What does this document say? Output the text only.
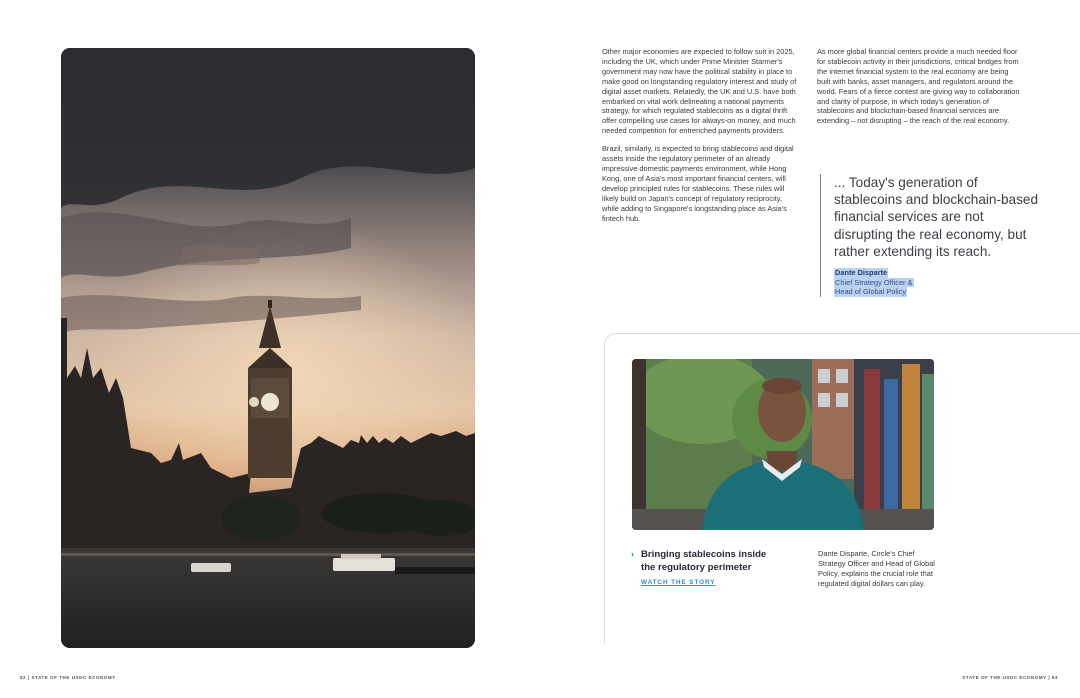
Other major economies are expected to follow suit in 2025, including the UK, which under Prime Minister Starmer's government may now have the political stability in place to make good on longstanding regulatory interest and study of digital asset markets. Relatedly, the UK and U.S. have both embarked on vital work delineating a national payments strategy, for which regulated stablecoins as a digital thrift offer compelling use cases for always-on money, and much needed competition for entrenched payments providers.

Brazil, similarly, is expected to bring stablecoins and digital assets inside the regulatory perimeter of an already impressive domestic payments environment, while Hong Kong, one of Asia's most important financial centers, will develop principled rules for stablecoins. These rules will likely build on Japan's concept of regulatory reciprocity, while adding to Singapore's longstanding place as Asia's fintech hub.

As more global financial centers provide a much needed floor for stablecoin activity in their jurisdictions, critical bridges from the internet financial system to the real economy are being built with banks, asset managers, and regulators around the world. Fears of a fierce contest are giving way to collaboration and clarity of purpose, in which today's generation of stablecoins and blockchain-based financial services are extending – not disrupting – the reach of the real economy.

... Today's generation of stablecoins and blockchain-based financial services are not disrupting the real economy, but rather extending its reach.

Dante Disparte
Chief Strategy Officer &
Head of Global Policy
› Bringing stablecoins inside the regulatory perimeter
WATCH THE STORY
Dante Disparte, Circle's Chief Strategy Officer and Head of Global Policy, explains the crucial role that regulated digital dollars can play.
62 | STATE OF THE USDC ECONOMY	STATE OF THE USDC ECONOMY | 63
